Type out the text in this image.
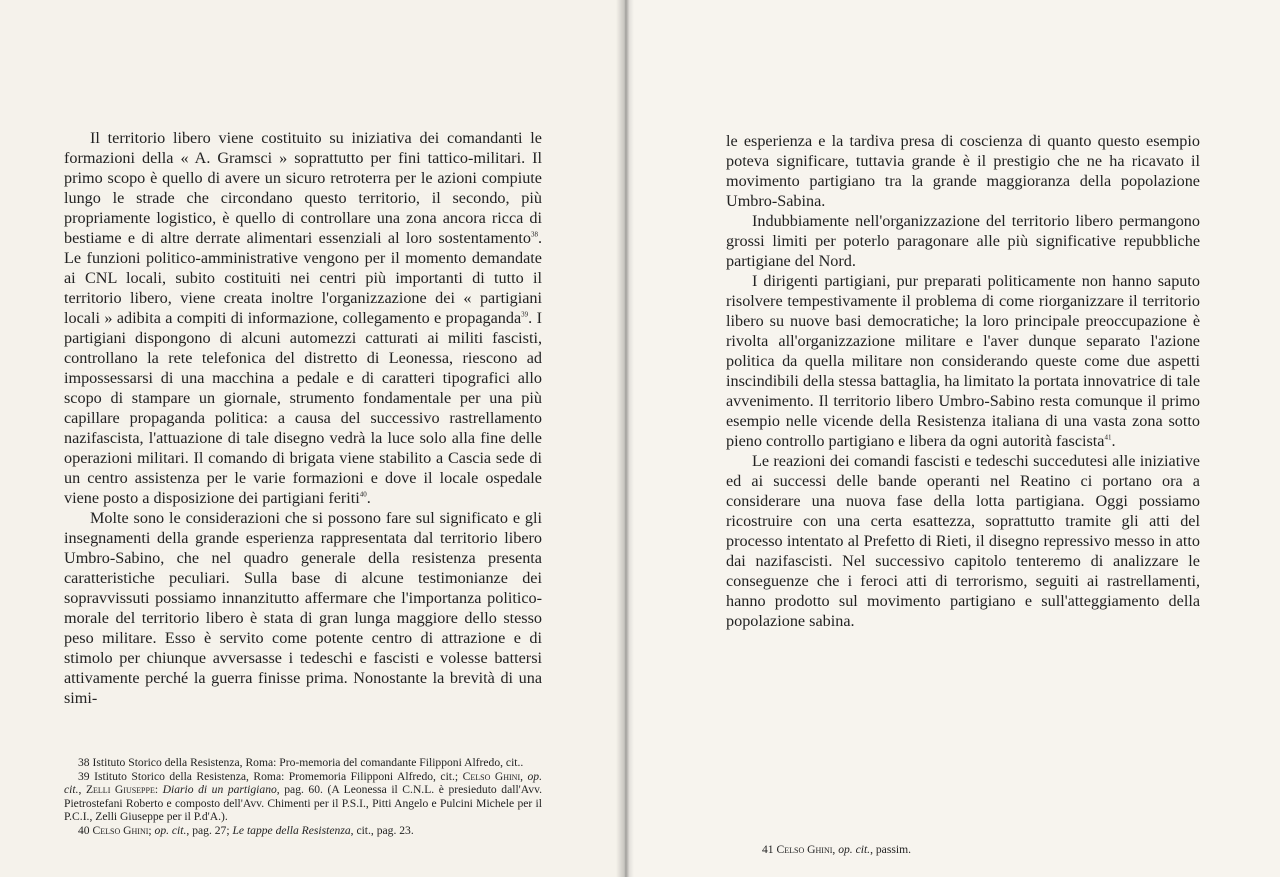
Il territorio libero viene costituito su iniziativa dei comandanti le formazioni della « A. Gramsci » soprattutto per fini tattico-militari. Il primo scopo è quello di avere un sicuro retroterra per le azioni compiute lungo le strade che circondano questo territorio, il secondo, più propriamente logistico, è quello di controllare una zona ancora ricca di bestiame e di altre derrate alimentari essenziali al loro sostentamento$^{38}$. Le funzioni politico-amministrative vengono per il momento demandate ai CNL locali, subito costituiti nei centri più importanti di tutto il territorio libero, viene creata inoltre l'organizzazione dei « partigiani locali » adibita a compiti di informazione, collegamento e propaganda$^{39}$. I partigiani dispongono di alcuni automezzi catturati ai militi fascisti, controllano la rete telefonica del distretto di Leonessa, riescono ad impossessarsi di una macchina a pedale e di caratteri tipografici allo scopo di stampare un giornale, strumento fondamentale per una più capillare propaganda politica: a causa del successivo rastrellamento nazifascista, l'attuazione di tale disegno vedrà la luce solo alla fine delle operazioni militari. Il comando di brigata viene stabilito a Cascia sede di un centro assistenza per le varie formazioni e dove il locale ospedale viene posto a disposizione dei partigiani feriti$^{40}$.

Molte sono le considerazioni che si possono fare sul significato e gli insegnamenti della grande esperienza rappresentata dal territorio libero Umbro-Sabino, che nel quadro generale della resistenza presenta caratteristiche peculiari. Sulla base di alcune testimonianze dei sopravvissuti possiamo innanzitutto affermare che l'importanza politico-morale del territorio libero è stata di gran lunga maggiore dello stesso peso militare. Esso è servito come potente centro di attrazione e di stimolo per chiunque avversasse i tedeschi e fascisti e volesse battersi attivamente perché la guerra finisse prima. Nonostante la brevità di una simi-

38 Istituto Storico della Resistenza, Roma: Pro-memoria del comandante Filipponi Alfredo, cit..

39 Istituto Storico della Resistenza, Roma: Promemoria Filipponi Alfredo, cit.; Celso Ghini, op. cit., Zelli Giuseppe: Diario di un partigiano, pag. 60. (A Leonessa il C.N.L. è presieduto dall'Avv. Pietrostefani Roberto e composto dell'Avv. Chimenti per il P.S.I., Pitti Angelo e Pulcini Michele per il P.C.I., Zelli Giuseppe per il P.d'A.).

40 Celso Ghini; op. cit., pag. 27; Le tappe della Resistenza, cit., pag. 23.

le esperienza e la tardiva presa di coscienza di quanto questo esempio poteva significare, tuttavia grande è il prestigio che ne ha ricavato il movimento partigiano tra la grande maggioranza della popolazione Umbro-Sabina.

Indubbiamente nell'organizzazione del territorio libero permangono grossi limiti per poterlo paragonare alle più significative repubbliche partigiane del Nord.

I dirigenti partigiani, pur preparati politicamente non hanno saputo risolvere tempestivamente il problema di come riorganizzare il territorio libero su nuove basi democratiche; la loro principale preoccupazione è rivolta all'organizzazione militare e l'aver dunque separato l'azione politica da quella militare non considerando queste come due aspetti inscindibili della stessa battaglia, ha limitato la portata innovatrice di tale avvenimento. Il territorio libero Umbro-Sabino resta comunque il primo esempio nelle vicende della Resistenza italiana di una vasta zona sotto pieno controllo partigiano e libera da ogni autorità fascista$^{41}$.

Le reazioni dei comandi fascisti e tedeschi succedutesi alle iniziative ed ai successi delle bande operanti nel Reatino ci portano ora a considerare una nuova fase della lotta partigiana. Oggi possiamo ricostruire con una certa esattezza, soprattutto tramite gli atti del processo intentato al Prefetto di Rieti, il disegno repressivo messo in atto dai nazifascisti. Nel successivo capitolo tenteremo di analizzare le conseguenze che i feroci atti di terrorismo, seguiti ai rastrellamenti, hanno prodotto sul movimento partigiano e sull'atteggiamento della popolazione sabina.

41 Celso Ghini, op. cit., passim.
